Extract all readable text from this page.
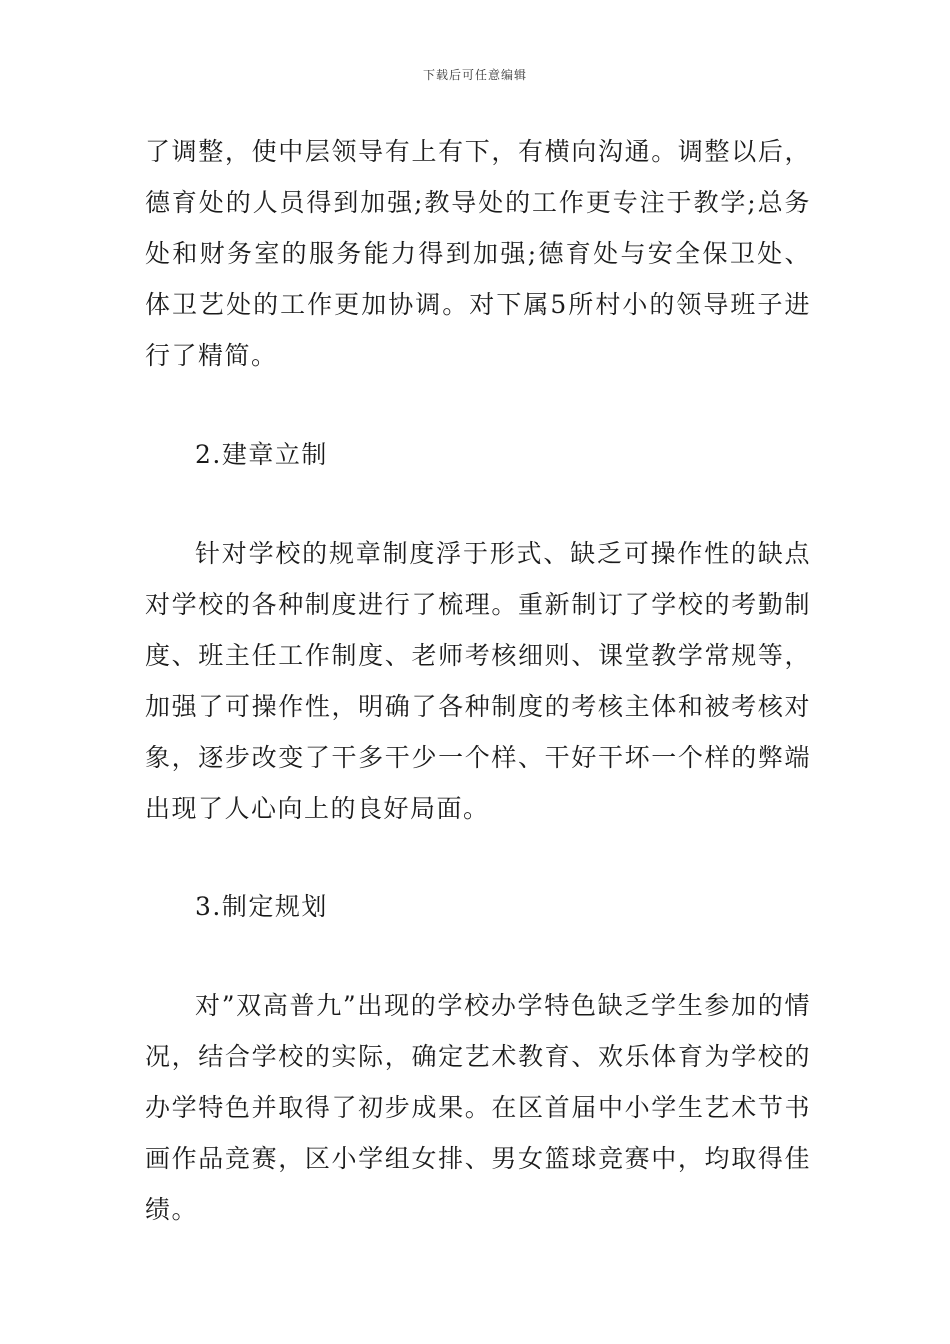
下载后可任意编辑

了调整，使中层领导有上有下，有横向沟通。调整以后，德育处的人员得到加强;教导处的工作更专注于教学;总务处和财务室的服务能力得到加强;德育处与安全保卫处、体卫艺处的工作更加协调。对下属5所村小的领导班子进行了精简。

2.建章立制

针对学校的规章制度浮于形式、缺乏可操作性的缺点对学校的各种制度进行了梳理。重新制订了学校的考勤制度、班主任工作制度、老师考核细则、课堂教学常规等，加强了可操作性，明确了各种制度的考核主体和被考核对象，逐步改变了干多干少一个样、干好干坏一个样的弊端出现了人心向上的良好局面。

3.制定规划

对”双高普九”出现的学校办学特色缺乏学生参加的情况，结合学校的实际，确定艺术教育、欢乐体育为学校的办学特色并取得了初步成果。在区首届中小学生艺术节书画作品竞赛，区小学组女排、男女篮球竞赛中，均取得佳绩。
